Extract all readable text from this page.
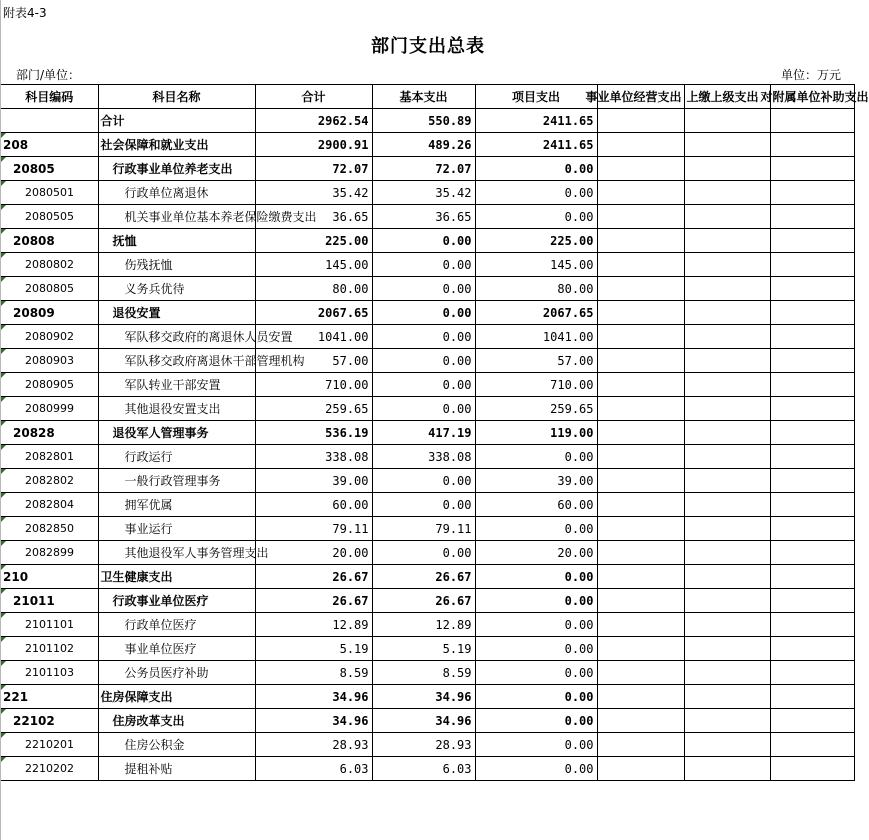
附表4-3
部门支出总表
部门/单位：	单位：万元
科目编码	科目名称	合计	基本支出	项目支出	事业单位经营支出	上缴上级支出	对附属单位补助支出
	合计	2962.54	550.89	2411.65			
208	社会保障和就业支出	2900.91	489.26	2411.65			
20805	行政事业单位养老支出	72.07	72.07	0.00			
2080501	行政单位离退休	35.42	35.42	0.00			
2080505	机关事业单位基本养老保险缴费支出	36.65	36.65	0.00			
20808	抚恤	225.00	0.00	225.00			
2080802	伤残抚恤	145.00	0.00	145.00			
2080805	义务兵优待	80.00	0.00	80.00			
20809	退役安置	2067.65	0.00	2067.65			
2080902	军队移交政府的离退休人员安置	1041.00	0.00	1041.00			
2080903	军队移交政府离退休干部管理机构	57.00	0.00	57.00			
2080905	军队转业干部安置	710.00	0.00	710.00			
2080999	其他退役安置支出	259.65	0.00	259.65			
20828	退役军人管理事务	536.19	417.19	119.00			
2082801	行政运行	338.08	338.08	0.00			
2082802	一般行政管理事务	39.00	0.00	39.00			
2082804	拥军优属	60.00	0.00	60.00			
2082850	事业运行	79.11	79.11	0.00			
2082899	其他退役军人事务管理支出	20.00	0.00	20.00			
210	卫生健康支出	26.67	26.67	0.00			
21011	行政事业单位医疗	26.67	26.67	0.00			
2101101	行政单位医疗	12.89	12.89	0.00			
2101102	事业单位医疗	5.19	5.19	0.00			
2101103	公务员医疗补助	8.59	8.59	0.00			
221	住房保障支出	34.96	34.96	0.00			
22102	住房改革支出	34.96	34.96	0.00			
2210201	住房公积金	28.93	28.93	0.00			
2210202	提租补贴	6.03	6.03	0.00			
